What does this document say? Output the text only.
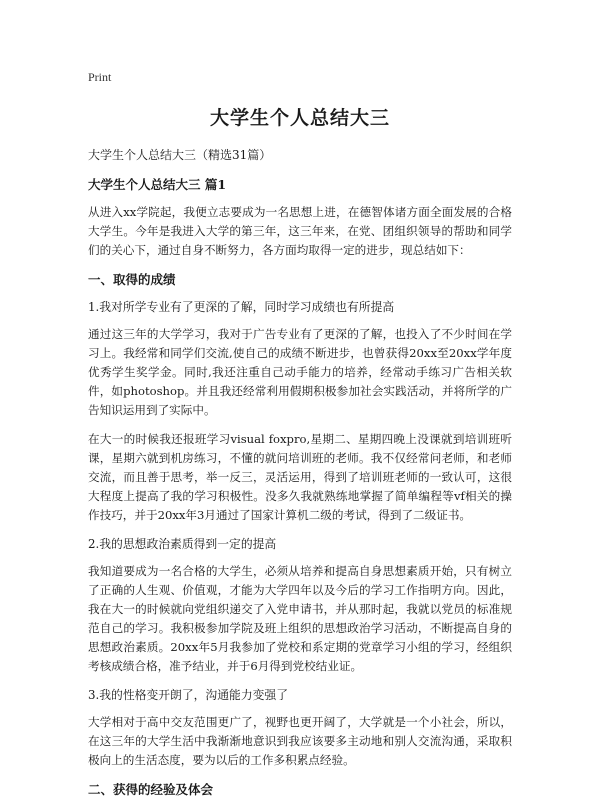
Print
大学生个人总结大三
大学生个人总结大三（精选31篇）
大学生个人总结大三 篇1
从进入xx学院起，我便立志要成为一名思想上进，在德智体诸方面全面发展的合格大学生。今年是我进入大学的第三年，这三年来，在党、团组织领导的帮助和同学们的关心下，通过自身不断努力，各方面均取得一定的进步，现总结如下：
一、取得的成绩
1.我对所学专业有了更深的了解，同时学习成绩也有所提高
通过这三年的大学学习，我对于广告专业有了更深的了解，也投入了不少时间在学习上。我经常和同学们交流,使自己的成绩不断进步，也曾获得20xx至20xx学年度优秀学生奖学金。同时,我还注重自己动手能力的培养，经常动手练习广告相关软件，如photoshop。并且我还经常利用假期积极参加社会实践活动，并将所学的广告知识运用到了实际中。
在大一的时候我还报班学习visual foxpro,星期二、星期四晚上没课就到培训班听课，星期六就到机房练习，不懂的就问培训班的老师。我不仅经常问老师，和老师交流，而且善于思考，举一反三，灵活运用，得到了培训班老师的一致认可，这很大程度上提高了我的学习积极性。没多久我就熟练地掌握了简单编程等vf相关的操作技巧，并于20xx年3月通过了国家计算机二级的考试，得到了二级证书。
2.我的思想政治素质得到一定的提高
我知道要成为一名合格的大学生，必须从培养和提高自身思想素质开始，只有树立了正确的人生观、价值观，才能为大学四年以及今后的学习工作指明方向。因此，我在大一的时候就向党组织递交了入党申请书，并从那时起，我就以党员的标准规范自己的学习。我积极参加学院及班上组织的思想政治学习活动，不断提高自身的思想政治素质。20xx年5月我参加了党校和系定期的党章学习小组的学习，经组织考核成绩合格，准予结业，并于6月得到党校结业证。
3.我的性格变开朗了，沟通能力变强了
大学相对于高中交友范围更广了，视野也更开阔了，大学就是一个小社会，所以，在这三年的大学生活中我渐渐地意识到我应该要多主动地和别人交流沟通，采取积极向上的生活态度，要为以后的工作多积累点经验。
二、获得的经验及体会
